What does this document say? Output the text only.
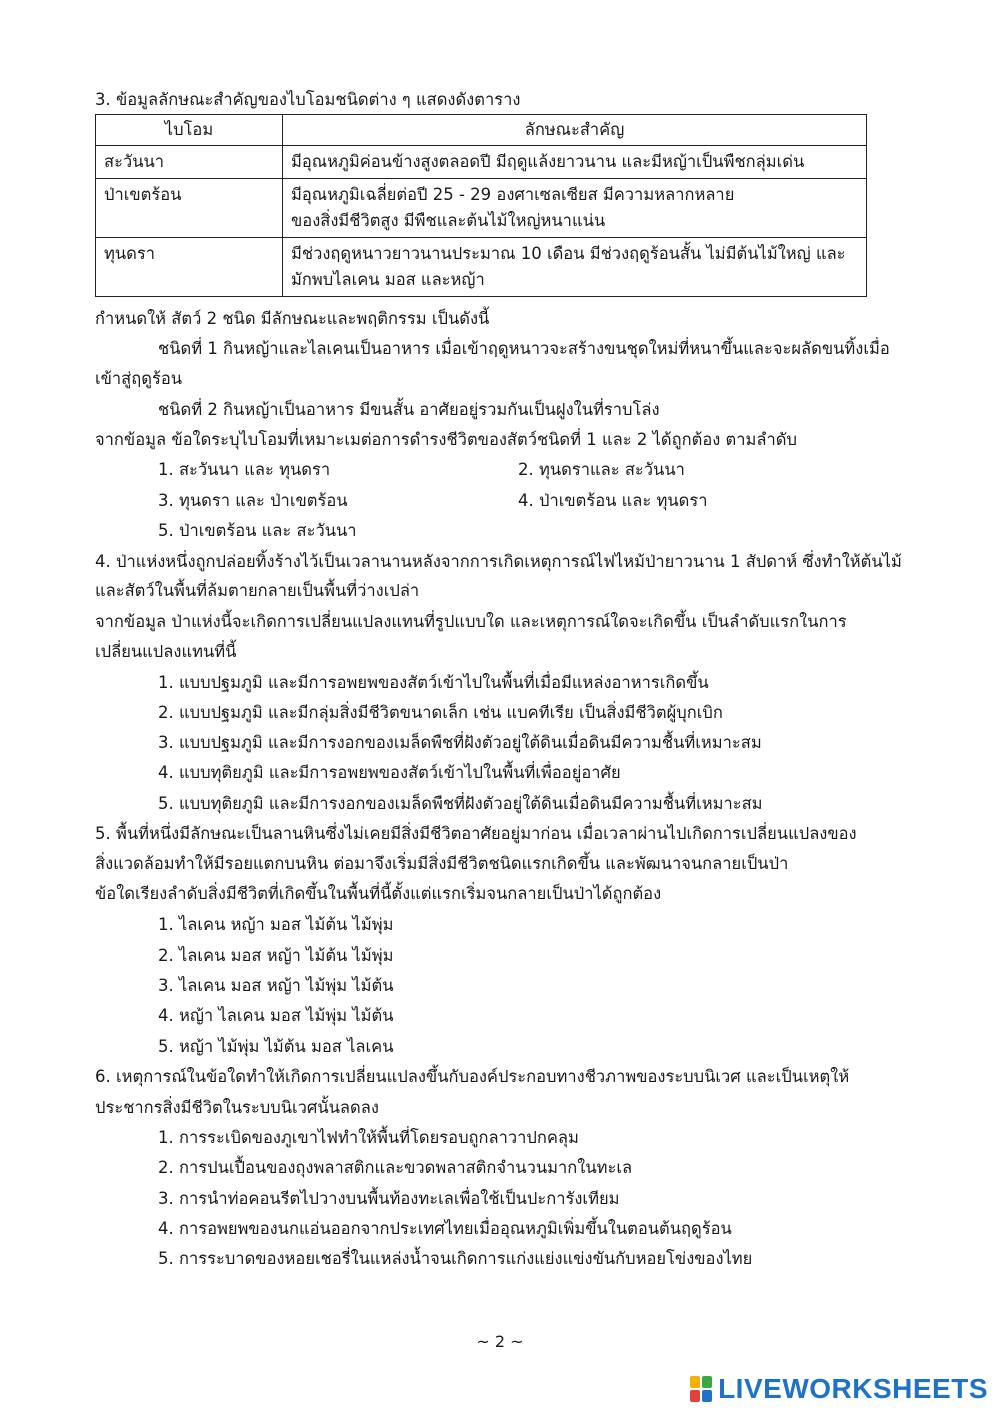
3. ข้อมูลลักษณะสำคัญของไบโอมชนิดต่าง ๆ แสดงดังตาราง
ไบโอม	ลักษณะสำคัญ
สะวันนา	มีอุณหภูมิค่อนข้างสูงตลอดปี มีฤดูแล้งยาวนาน และมีหญ้าเป็นพืชกลุ่มเด่น

ป่าเขตร้อน	มีอุณหภูมิเฉลี่ยต่อปี 25 - 29 องศาเซลเซียส มีความหลากหลาย
ของสิ่งมีชีวิตสูง มีพืชและต้นไม้ใหญ่หนาแน่น

ทุนดรา	มีช่วงฤดูหนาวยาวนานประมาณ 10 เดือน มีช่วงฤดูร้อนสั้น ไม่มีต้นไม้ใหญ่ และ
มักพบไลเคน มอส และหญ้า
กำหนดให้ สัตว์ 2 ชนิด มีลักษณะและพฤติกรรม เป็นดังนี้
ชนิดที่ 1 กินหญ้าและไลเคนเป็นอาหาร เมื่อเข้าฤดูหนาวจะสร้างขนชุดใหม่ที่หนาขึ้นและจะผลัดขนทิ้งเมื่อ
เข้าสู่ฤดูร้อน
ชนิดที่ 2 กินหญ้าเป็นอาหาร มีขนสั้น อาศัยอยู่รวมกันเป็นฝูงในที่ราบโล่ง
จากข้อมูล ข้อใดระบุไบโอมที่เหมาะเมต่อการดำรงชีวิตของสัตว์ชนิดที่ 1 และ 2 ได้ถูกต้อง ตามลำดับ
1. สะวันนา และ ทุนดรา	2. ทุนดราและ สะวันนา
3. ทุนดรา และ ป่าเขตร้อน	4. ป่าเขตร้อน และ ทุนดรา
5. ป่าเขตร้อน และ สะวันนา
4. ป่าแห่งหนึ่งถูกปล่อยทิ้งร้างไว้เป็นเวลานานหลังจากการเกิดเหตุการณ์ไฟไหม้ป่ายาวนาน 1 สัปดาห์ ซึ่งทำให้ต้นไม้
และสัตว์ในพื้นที่ล้มตายกลายเป็นพื้นที่ว่างเปล่า
จากข้อมูล ป่าแห่งนี้จะเกิดการเปลี่ยนแปลงแทนที่รูปแบบใด และเหตุการณ์ใดจะเกิดขึ้น เป็นลำดับแรกในการ
เปลี่ยนแปลงแทนที่นี้
1. แบบปฐมภูมิ และมีการอพยพของสัตว์เข้าไปในพื้นที่เมื่อมีแหล่งอาหารเกิดขึ้น
2. แบบปฐมภูมิ และมีกลุ่มสิ่งมีชีวิตขนาดเล็ก เช่น แบคทีเรีย เป็นสิ่งมีชีวิตผู้บุกเบิก
3. แบบปฐมภูมิ และมีการงอกของเมล็ดพืชที่ฝังตัวอยู่ใต้ดินเมื่อดินมีความชื้นที่เหมาะสม
4. แบบทุติยภูมิ และมีการอพยพของสัตว์เข้าไปในพื้นที่เพื่ออยู่อาศัย
5. แบบทุติยภูมิ และมีการงอกของเมล็ดพืชที่ฝังตัวอยู่ใต้ดินเมื่อดินมีความชื้นที่เหมาะสม
5. พื้นที่หนึ่งมีลักษณะเป็นลานหินซึ่งไม่เคยมีสิ่งมีชีวิตอาศัยอยู่มาก่อน เมื่อเวลาผ่านไปเกิดการเปลี่ยนแปลงของ
สิ่งแวดล้อมทำให้มีรอยแตกบนหิน ต่อมาจึงเริ่มมีสิ่งมีชีวิตชนิดแรกเกิดขึ้น และพัฒนาจนกลายเป็นป่า
ข้อใดเรียงลำดับสิ่งมีชีวิตที่เกิดขึ้นในพื้นที่นี้ตั้งแต่แรกเริ่มจนกลายเป็นป่าได้ถูกต้อง
1. ไลเคน หญ้า มอส ไม้ต้น ไม้พุ่ม
2. ไลเคน มอส หญ้า ไม้ต้น ไม้พุ่ม
3. ไลเคน มอส หญ้า ไม้พุ่ม ไม้ต้น
4. หญ้า ไลเคน มอส ไม้พุ่ม ไม้ต้น
5. หญ้า ไม้พุ่ม ไม้ต้น มอส ไลเคน
6. เหตุการณ์ในข้อใดทำให้เกิดการเปลี่ยนแปลงขึ้นกับองค์ประกอบทางชีวภาพของระบบนิเวศ และเป็นเหตุให้
ประชากรสิ่งมีชีวิตในระบบนิเวศนั้นลดลง
1. การระเบิดของภูเขาไฟทำให้พื้นที่โดยรอบถูกลาวาปกคลุม
2. การปนเปื้อนของถุงพลาสติกและขวดพลาสติกจำนวนมากในทะเล
3. การนำท่อคอนรีตไปวางบนพื้นท้องทะเลเพื่อใช้เป็นปะการังเทียม
4. การอพยพของนกแอ่นออกจากประเทศไทยเมื่ออุณหภูมิเพิ่มขึ้นในตอนต้นฤดูร้อน
5. การระบาดของหอยเชอรี่ในแหล่งน้ำจนเกิดการแก่งแย่งแข่งขันกับหอยโข่งของไทย
~ 2 ~
LIVEWORKSHEETS
